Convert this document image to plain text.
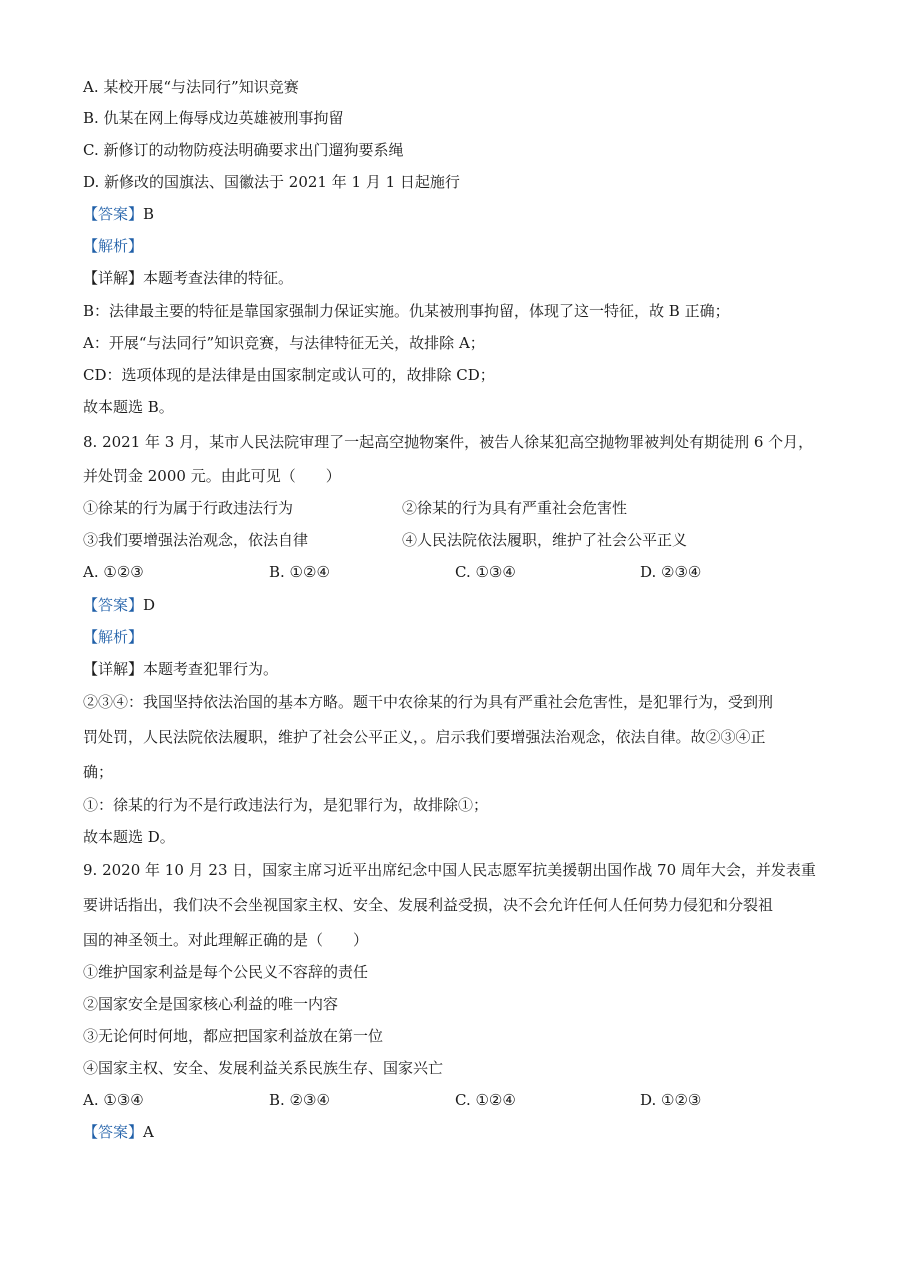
A. 某校开展“与法同行”知识竞赛
B. 仇某在网上侮辱戍边英雄被刑事拘留
C. 新修订的动物防疫法明确要求出门遛狗要系绳
D. 新修改的国旗法、国徽法于 2021 年 1 月 1 日起施行
【答案】B
【解析】
【详解】本题考查法律的特征。
B：法律最主要的特征是靠国家强制力保证实施。仇某被刑事拘留，体现了这一特征，故 B 正确；
A：开展“与法同行”知识竞赛，与法律特征无关，故排除 A；
CD：选项体现的是法律是由国家制定或认可的，故排除 CD；
故本题选 B。
8. 2021 年 3 月，某市人民法院审理了一起高空抛物案件，被告人徐某犯高空抛物罪被判处有期徒刑 6 个月，
并处罚金 2000 元。由此可见（　　）
①徐某的行为属于行政违法行为	②徐某的行为具有严重社会危害性
③我们要增强法治观念，依法自律	④人民法院依法履职，维护了社会公平正义
A. ①②③	B. ①②④	C. ①③④	D. ②③④
【答案】D
【解析】
【详解】本题考查犯罪行为。
②③④：我国坚持依法治国的基本方略。题干中农徐某的行为具有严重社会危害性，是犯罪行为，受到刑
罚处罚，人民法院依法履职，维护了社会公平正义，。启示我们要增强法治观念，依法自律。故②③④正
确；
①：徐某的行为不是行政违法行为，是犯罪行为，故排除①；
故本题选 D。
9. 2020 年 10 月 23 日，国家主席习近平出席纪念中国人民志愿军抗美援朝出国作战 70 周年大会，并发表重
要讲话指出，我们决不会坐视国家主权、安全、发展利益受损，决不会允许任何人任何势力侵犯和分裂祖
国的神圣领土。对此理解正确的是（　　）
①维护国家利益是每个公民义不容辞的责任
②国家安全是国家核心利益的唯一内容
③无论何时何地，都应把国家利益放在第一位
④国家主权、安全、发展利益关系民族生存、国家兴亡
A. ①③④	B. ②③④	C. ①②④	D. ①②③
【答案】A
